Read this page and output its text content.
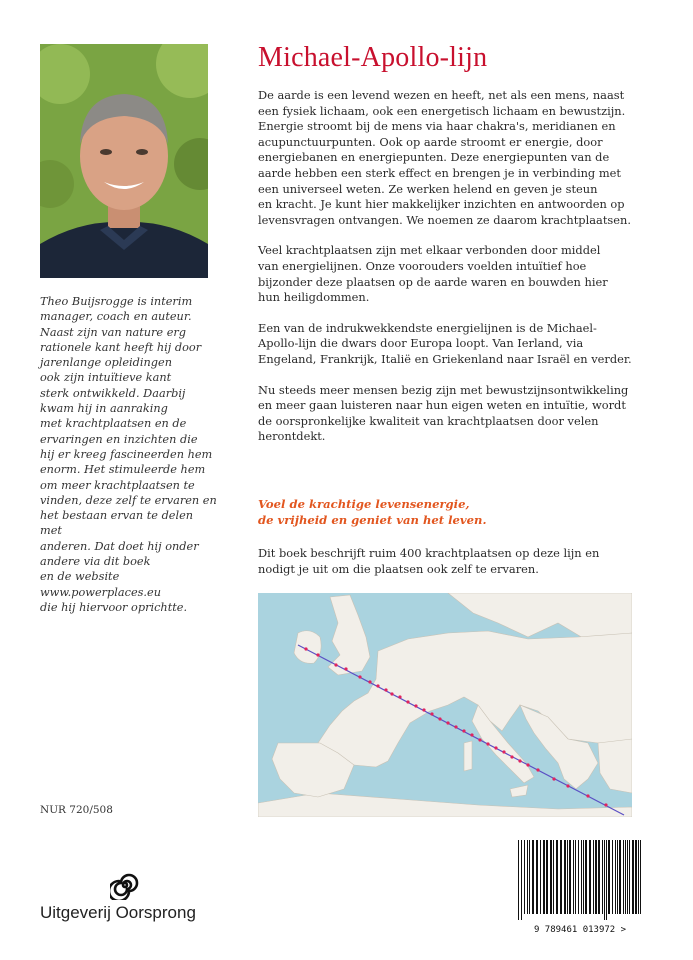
Theo Buijsrogge is interim

manager, coach en auteur.

Naast zijn van nature erg

rationele kant heeft hij door

jarenlange opleidingen

ook zijn intuïtieve kant

sterk ontwikkeld. Daarbij

kwam hij in aanraking

met krachtplaatsen en de

ervaringen en inzichten die

hij er kreeg fascineerden hem

enorm. Het stimuleerde hem

om meer krachtplaatsen te

vinden, deze zelf te ervaren en

het bestaan ervan te delen met

anderen. Dat doet hij onder

andere via dit boek

en de website

www.powerplaces.eu

die hij hiervoor oprichtte.

NUR 720/508
Uitgeverij Oorsprong
Michael-Apollo-lijn

De aarde is een levend wezen en heeft, net als een mens, naast
een fysiek lichaam, ook een energetisch lichaam en bewustzijn.
Energie stroomt bij de mens via haar chakra's, meridianen en
acupunctuurpunten. Ook op aarde stroomt er energie, door
energiebanen en energiepunten. Deze energiepunten van de
aarde hebben een sterk effect en brengen je in verbinding met
een universeel weten. Ze werken helend en geven je steun
en kracht. Je kunt hier makkelijker inzichten en antwoorden op
levensvragen ontvangen. We noemen ze daarom krachtplaatsen.

Veel krachtplaatsen zijn met elkaar verbonden door middel
van energielijnen. Onze voorouders voelden intuïtief hoe
bijzonder deze plaatsen op de aarde waren en bouwden hier
hun heiligdommen.

Een van de indrukwekkendste energielijnen is de Michael-
Apollo-lijn die dwars door Europa loopt. Van Ierland, via
Engeland, Frankrijk, Italië en Griekenland naar Israël en verder.

Nu steeds meer mensen bezig zijn met bewustzijnsontwikkeling
en meer gaan luisteren naar hun eigen weten en intuïtie, wordt
de oorspronkelijke kwaliteit van krachtplaatsen door velen
herontdekt.

Voel de krachtige levensenergie,
de vrijheid en geniet van het leven.
Dit boek beschrijft ruim 400 krachtplaatsen op deze lijn en
nodigt je uit om die plaatsen ook zelf te ervaren.
9 789461 013972 >
